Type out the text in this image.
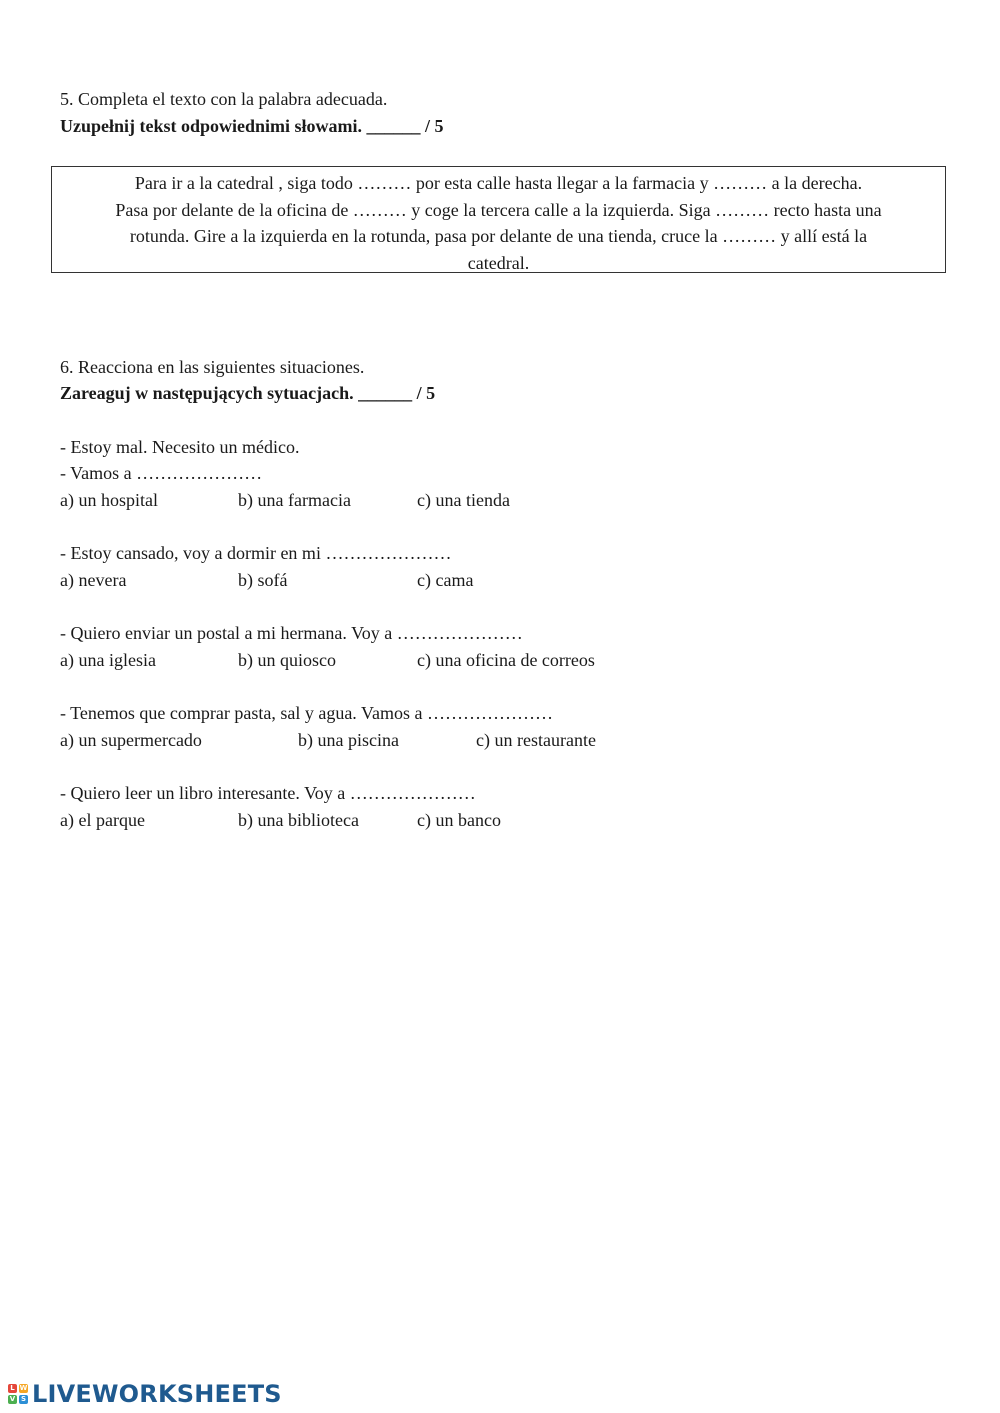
5. Completa el texto con la palabra adecuada.
Uzupełnij tekst odpowiednimi słowami. ______ / 5
Para ir a la catedral , siga todo ……… por esta calle hasta llegar a la farmacia y ……… a la derecha.
Pasa por delante de la oficina de ……… y coge la tercera calle a la izquierda. Siga ……… recto hasta una
rotunda. Gire a la izquierda en la rotunda, pasa por delante de una tienda, cruce la ……… y allí está la
catedral.
6. Reacciona en las siguientes situaciones.
Zareaguj w następujących sytuacjach. ______ / 5
- Estoy mal. Necesito un médico.
- Vamos a …………………
a) un hospital	b) una farmacia	c) una tienda
- Estoy cansado, voy a dormir en mi …………………
a) nevera	b) sofá	c) cama
- Quiero enviar un postal a mi hermana. Voy a …………………
a) una iglesia	b) un quiosco	c) una oficina de correos
- Tenemos que comprar pasta, sal y agua. Vamos a …………………
a) un supermercado	b) una piscina	c) un restaurante
- Quiero leer un libro interesante. Voy a …………………
a) el parque	b) una biblioteca	c) un banco
L W
V S LIVEWORKSHEETS
